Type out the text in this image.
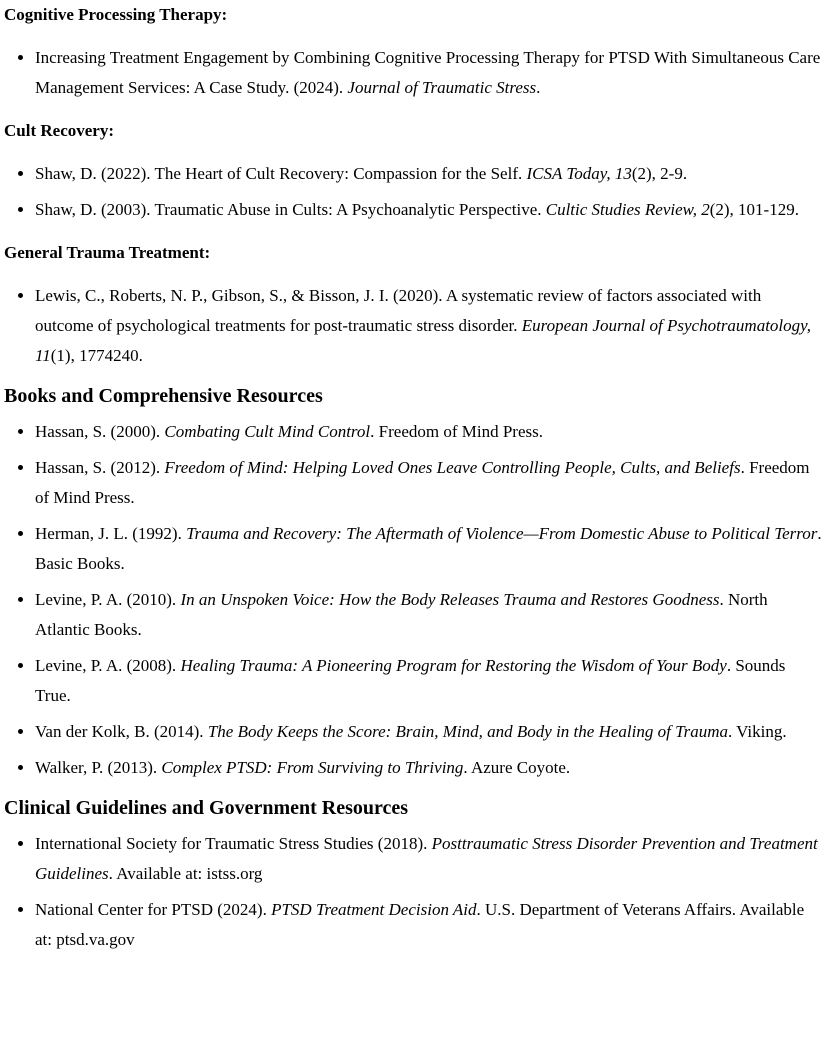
Cognitive Processing Therapy:
• Increasing Treatment Engagement by Combining Cognitive Processing Therapy for PTSD With Simultaneous Care Management Services: A Case Study. (2024). Journal of Traumatic Stress.
Cult Recovery:
• Shaw, D. (2022). The Heart of Cult Recovery: Compassion for the Self. ICSA Today, 13(2), 2-9.
• Shaw, D. (2003). Traumatic Abuse in Cults: A Psychoanalytic Perspective. Cultic Studies Review, 2(2), 101-129.
General Trauma Treatment:
• Lewis, C., Roberts, N. P., Gibson, S., & Bisson, J. I. (2020). A systematic review of factors associated with outcome of psychological treatments for post-traumatic stress disorder. European Journal of Psychotraumatology, 11(1), 1774240.
Books and Comprehensive Resources
• Hassan, S. (2000). Combating Cult Mind Control. Freedom of Mind Press.
• Hassan, S. (2012). Freedom of Mind: Helping Loved Ones Leave Controlling People, Cults, and Beliefs. Freedom of Mind Press.
• Herman, J. L. (1992). Trauma and Recovery: The Aftermath of Violence—From Domestic Abuse to Political Terror. Basic Books.
• Levine, P. A. (2010). In an Unspoken Voice: How the Body Releases Trauma and Restores Goodness. North Atlantic Books.
• Levine, P. A. (2008). Healing Trauma: A Pioneering Program for Restoring the Wisdom of Your Body. Sounds True.
• Van der Kolk, B. (2014). The Body Keeps the Score: Brain, Mind, and Body in the Healing of Trauma. Viking.
• Walker, P. (2013). Complex PTSD: From Surviving to Thriving. Azure Coyote.
Clinical Guidelines and Government Resources
• International Society for Traumatic Stress Studies (2018). Posttraumatic Stress Disorder Prevention and Treatment Guidelines. Available at: istss.org
• National Center for PTSD (2024). PTSD Treatment Decision Aid. U.S. Department of Veterans Affairs. Available at: ptsd.va.gov
